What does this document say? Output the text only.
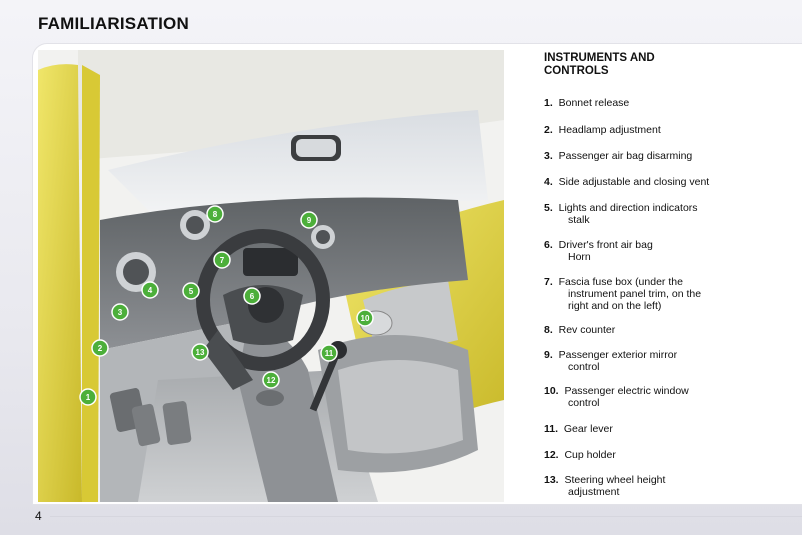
FAMILIARISATION
1
2
3
4	5
6
7
8
9
10
11
12
13
INSTRUMENTS AND
CONTROLS
1. Bonnet release
2. Headlamp adjustment
3. Passenger air bag disarming
4. Side adjustable and closing vent
5. Lights and direction indicators
stalk
6. Driver's front air bag
Horn
7. Fascia fuse box (under the
instrument panel trim, on the
right and on the left)
8. Rev counter
9. Passenger exterior mirror
control
10. Passenger electric window
control
11. Gear lever
12. Cup holder
13. Steering wheel height
adjustment
4
